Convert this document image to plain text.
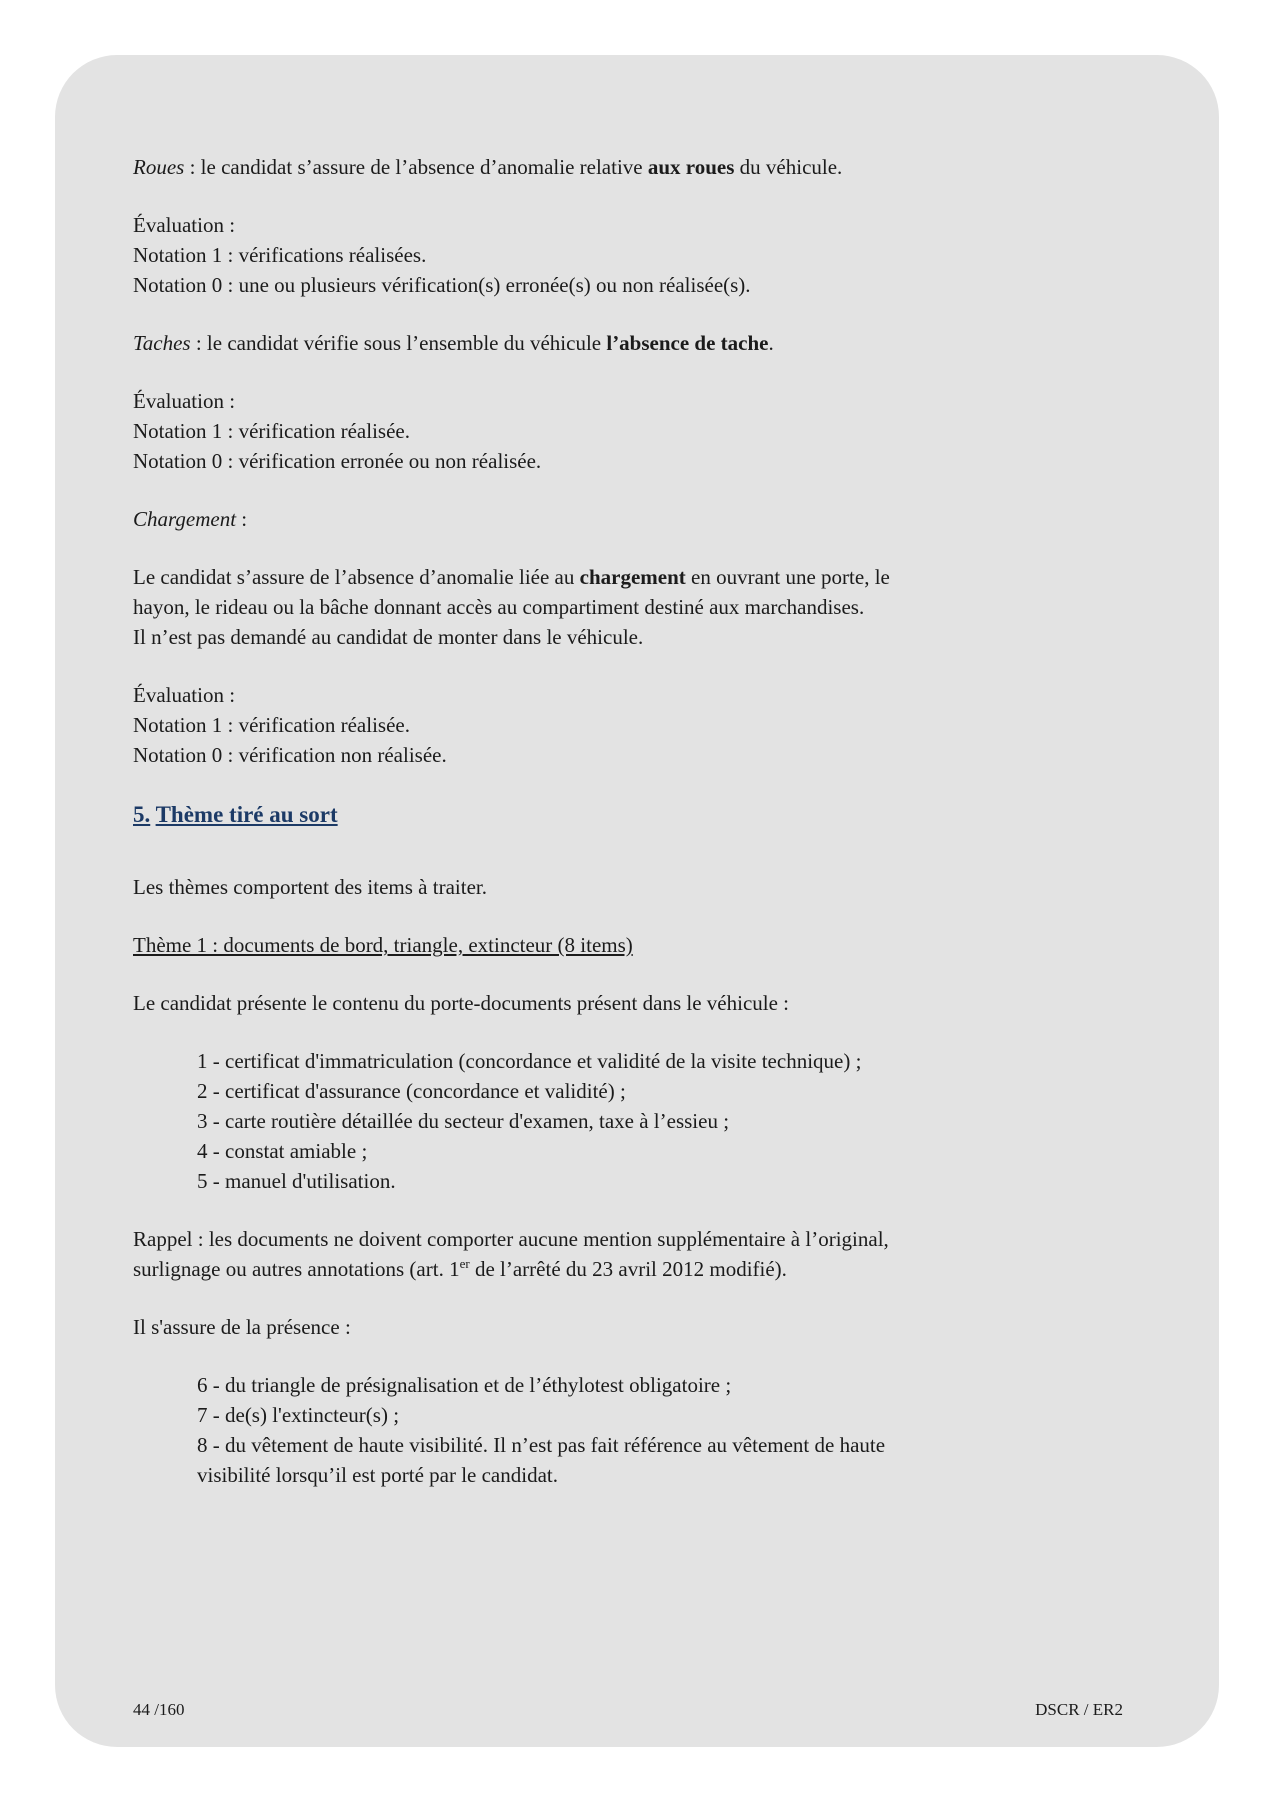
Roues : le candidat s’assure de l’absence d’anomalie relative aux roues du véhicule.
Évaluation :
Notation 1 : vérifications réalisées.
Notation 0 : une ou plusieurs vérification(s) erronée(s) ou non réalisée(s).
Taches : le candidat vérifie sous l’ensemble du véhicule l’absence de tache.
Évaluation :
Notation 1 : vérification réalisée.
Notation 0 : vérification erronée ou non réalisée.
Chargement :
Le candidat s’assure de l’absence d’anomalie liée au chargement en ouvrant une porte, le
hayon, le rideau ou la bâche donnant accès au compartiment destiné aux marchandises.
Il n’est pas demandé au candidat de monter dans le véhicule.
Évaluation :
Notation 1 : vérification réalisée.
Notation 0 : vérification non réalisée.
5. Thème tiré au sort
Les thèmes comportent des items à traiter.
Thème 1 : documents de bord, triangle, extincteur (8 items)
Le candidat présente le contenu du porte-documents présent dans le véhicule :
1 - certificat d'immatriculation (concordance et validité de la visite technique) ;
2 - certificat d'assurance (concordance et validité) ;
3 - carte routière détaillée du secteur d'examen, taxe à l’essieu ;
4 - constat amiable ;
5 - manuel d'utilisation.
Rappel : les documents ne doivent comporter aucune mention supplémentaire à l’original,
surlignage ou autres annotations (art. 1er de l’arrêté du 23 avril 2012 modifié).
Il s'assure de la présence :
6 - du triangle de présignalisation et de l’éthylotest obligatoire ;
7 - de(s) l'extincteur(s) ;
8 - du vêtement de haute visibilité. Il n’est pas fait référence au vêtement de haute
visibilité lorsqu’il est porté par le candidat.
44 /160	DSCR / ER2
